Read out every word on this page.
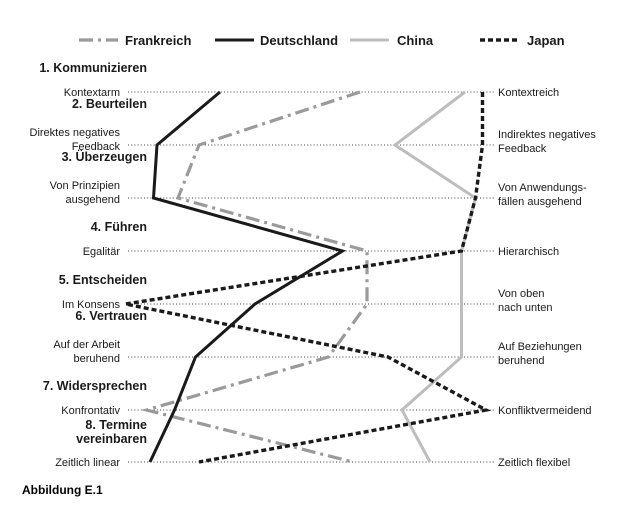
Frankreich	Deutschland	China	Japan
1. Kommunizieren
2. Beurteilen
3. Überzeugen
4. Führen
5. Entscheiden
6. Vertrauen
7. Widersprechen
8. Termine
vereinbaren
Kontextarm
Direktes negatives
Feedback
Von Prinzipien
ausgehend
Egalitär
Im Konsens
Auf der Arbeit
beruhend
Konfrontativ
Zeitlich linear
Kontextreich
Indirektes negatives
Feedback
Von Anwendungs-
fällen ausgehend
Hierarchisch
Von oben
nach unten
Auf Beziehungen
beruhend
Konfliktvermeidend
Zeitlich flexibel
Abbildung E.1
